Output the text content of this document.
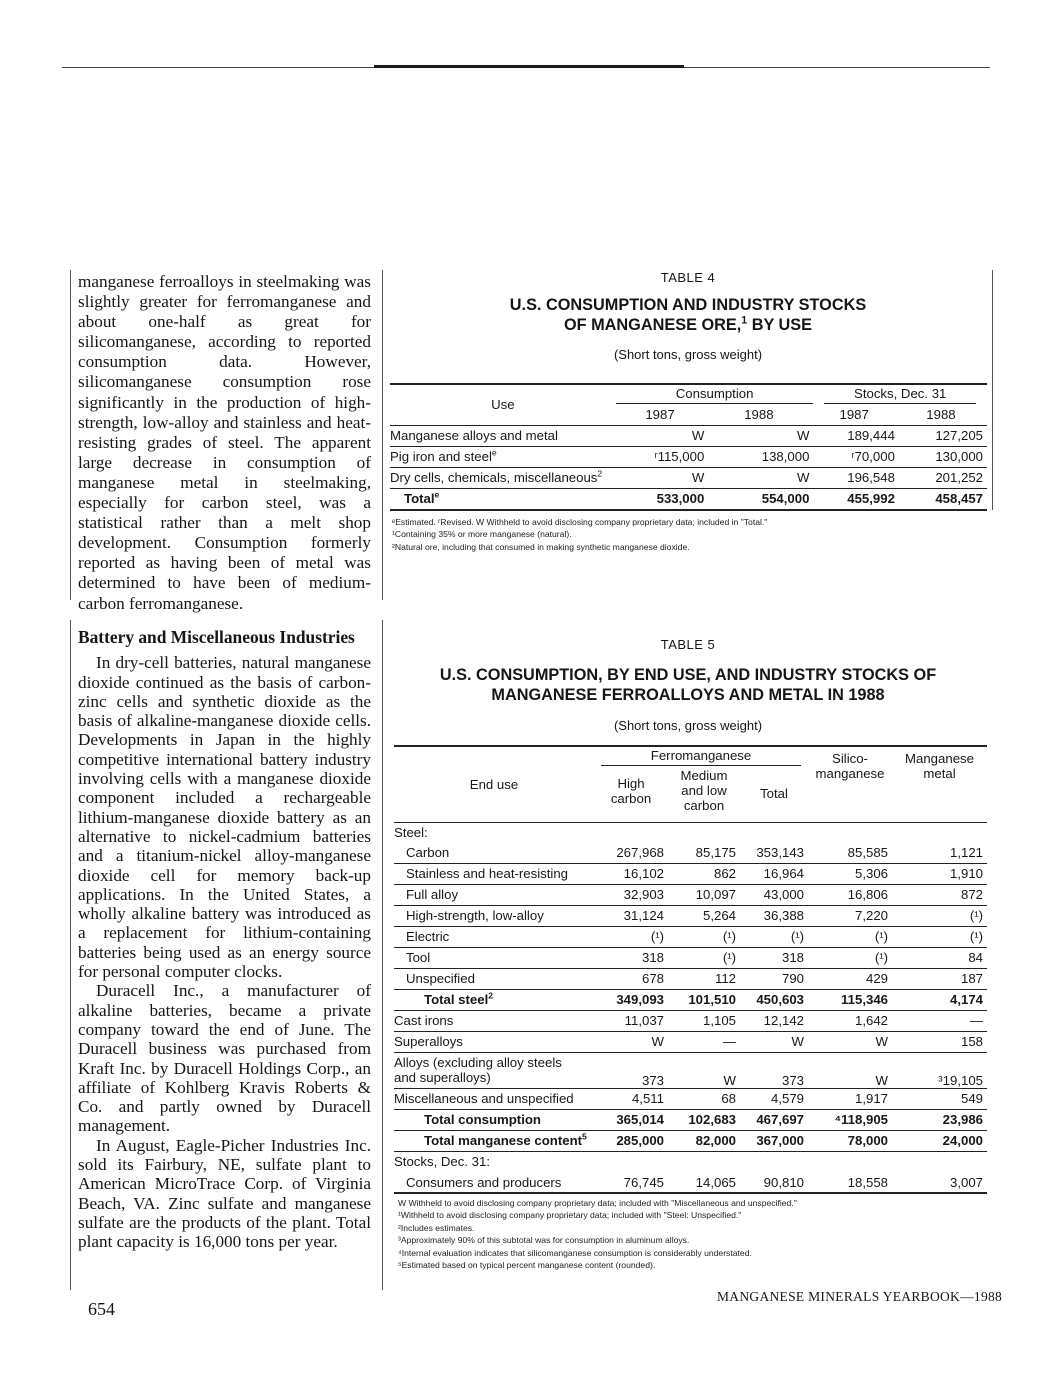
manganese ferroalloys in steelmaking was slightly greater for ferromanganese and about one-half as great for silicomanganese, according to reported consumption data. However, silicomanganese consumption rose significantly in the production of high-strength, low-alloy and stainless and heat-resisting grades of steel. The apparent large decrease in consumption of manganese metal in steelmaking, especially for carbon steel, was a statistical rather than a melt shop development. Consumption formerly reported as having been of metal was determined to have been of medium-carbon ferromanganese.

Battery and Miscellaneous Industries

In dry-cell batteries, natural manganese dioxide continued as the basis of carbon-zinc cells and synthetic dioxide as the basis of alkaline-manganese dioxide cells. Developments in Japan in the highly competitive international battery industry involving cells with a manganese dioxide component included a rechargeable lithium-manganese dioxide battery as an alternative to nickel-cadmium batteries and a titanium-nickel alloy-manganese dioxide cell for memory back-up applications. In the United States, a wholly alkaline battery was introduced as a replacement for lithium-containing batteries being used as an energy source for personal computer clocks.

Duracell Inc., a manufacturer of alkaline batteries, became a private company toward the end of June. The Duracell business was purchased from Kraft Inc. by Duracell Holdings Corp., an affiliate of Kohlberg Kravis Roberts & Co. and partly owned by Duracell management.

In August, Eagle-Picher Industries Inc. sold its Fairbury, NE, sulfate plant to American MicroTrace Corp. of Virginia Beach, VA. Zinc sulfate and manganese sulfate are the products of the plant. Total plant capacity is 16,000 tons per year.

654
MANGANESE MINERALS YEARBOOK—1988
TABLE 4
U.S. CONSUMPTION AND INDUSTRY STOCKS
OF MANGANESE ORE,$^1$ BY USE
(Short tons, gross weight)
Use	Consumption		Stocks, Dec. 31	
	1987	1988	1987	1988
Manganese alloys and metal	W	W	189,444	127,205
Pig iron and steel$^e$	ʳ115,000	138,000	ʳ70,000	130,000
Dry cells, chemicals, miscellaneous$^2$	W	W	196,548	201,252
Total$^e$	533,000	554,000	455,992	458,457
ᵉEstimated. ʳRevised. W Withheld to avoid disclosing company proprietary data; included in "Total."
¹Containing 35% or more manganese (natural).
²Natural ore, including that consumed in making synthetic manganese dioxide.
TABLE 5
U.S. CONSUMPTION, BY END USE, AND INDUSTRY STOCKS OF
MANGANESE FERROALLOYS AND METAL IN 1988
(Short tons, gross weight)
End use	Ferromanganese			Silico- manganese	Manganese metal

	High carbon	Medium and low carbon	Total		
Steel:					
Carbon	267,968	85,175	353,143	85,585	1,121
Stainless and heat-resisting	16,102	862	16,964	5,306	1,910
Full alloy	32,903	10,097	43,000	16,806	872
High-strength, low-alloy	31,124	5,264	36,388	7,220	(¹)
Electric	(¹)	(¹)	(¹)	(¹)	(¹)
Tool	318	(¹)	318	(¹)	84
Unspecified	678	112	790	429	187
Total steel$^2$	349,093	101,510	450,603	115,346	4,174
Cast irons	11,037	1,105	12,142	1,642	—
Superalloys	W	—	W	W	158

Alloys (excluding alloy steels and superalloys)	373	W	373	W	³19,105
Miscellaneous and unspecified	4,511	68	4,579	1,917	549
Total consumption	365,014	102,683	467,697	⁴118,905	23,986
Total manganese content$^5$	285,000	82,000	367,000	78,000	24,000
Stocks, Dec. 31:					
Consumers and producers	76,745	14,065	90,810	18,558	3,007
W Withheld to avoid disclosing company proprietary data; included with "Miscellaneous and unspecified."
¹Withheld to avoid disclosing company proprietary data; included with "Steel: Unspecified."
²Includes estimates.
³Approximately 90% of this subtotal was for consumption in aluminum alloys.
⁴Internal evaluation indicates that silicomanganese consumption is considerably understated.
⁵Estimated based on typical percent manganese content (rounded).
